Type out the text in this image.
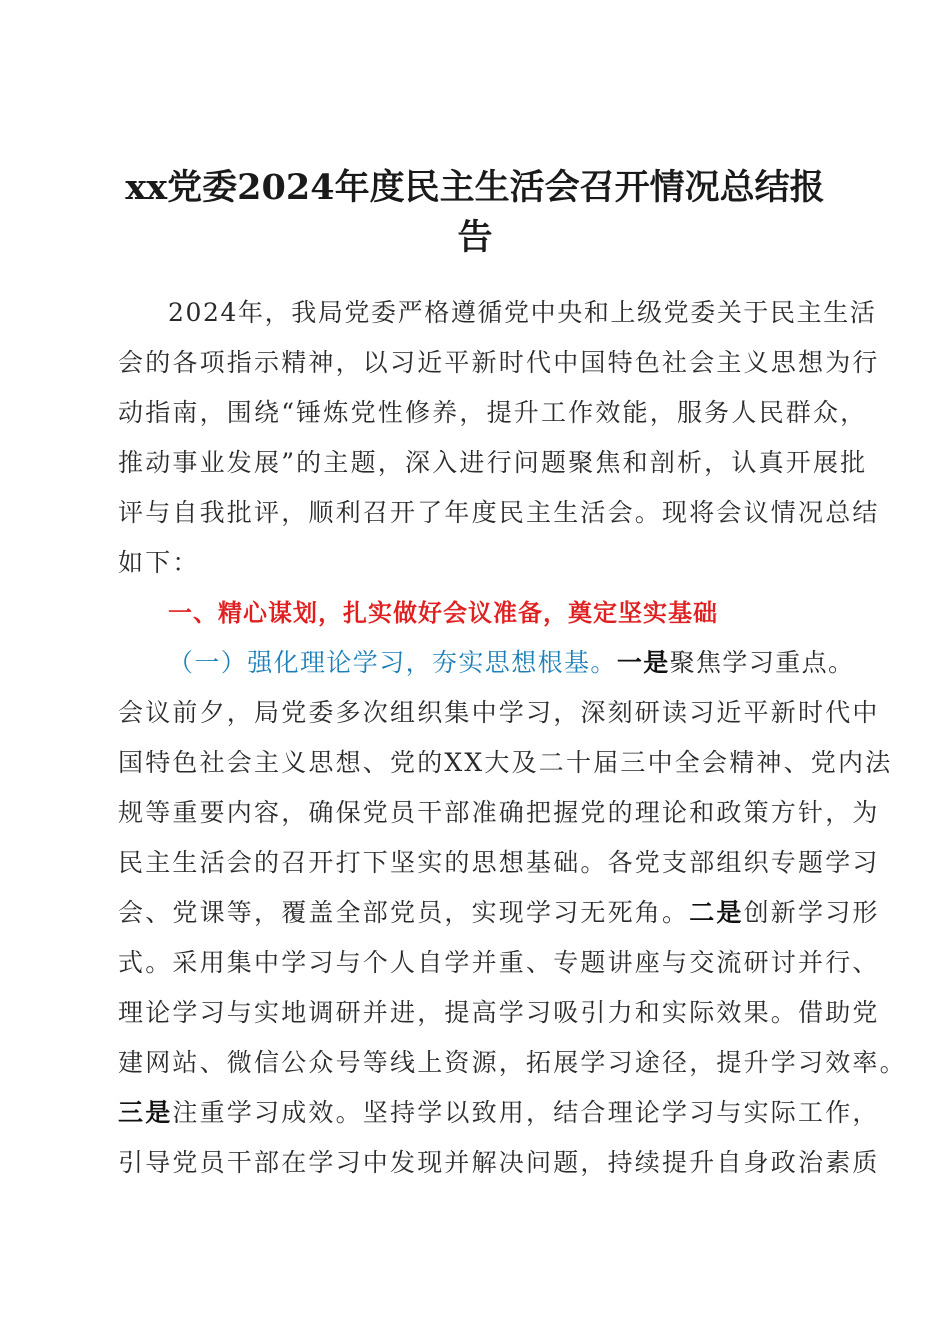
xx党委2024年度民主生活会召开情况总结报
告
2024年，我局党委严格遵循党中央和上级党委关于民主生活
会的各项指示精神，以习近平新时代中国特色社会主义思想为行
动指南，围绕“锤炼党性修养，提升工作效能，服务人民群众，
推动事业发展”的主题，深入进行问题聚焦和剖析，认真开展批
评与自我批评，顺利召开了年度民主生活会。现将会议情况总结
如下：
一、精心谋划，扎实做好会议准备，奠定坚实基础
（一）强化理论学习，夯实思想根基。一是聚焦学习重点。
会议前夕，局党委多次组织集中学习，深刻研读习近平新时代中
国特色社会主义思想、党的XX大及二十届三中全会精神、党内法
规等重要内容，确保党员干部准确把握党的理论和政策方针，为
民主生活会的召开打下坚实的思想基础。各党支部组织专题学习
会、党课等，覆盖全部党员，实现学习无死角。二是创新学习形
式。采用集中学习与个人自学并重、专题讲座与交流研讨并行、
理论学习与实地调研并进，提高学习吸引力和实际效果。借助党
建网站、微信公众号等线上资源，拓展学习途径，提升学习效率。
三是注重学习成效。坚持学以致用，结合理论学习与实际工作，
引导党员干部在学习中发现并解决问题，持续提升自身政治素质
